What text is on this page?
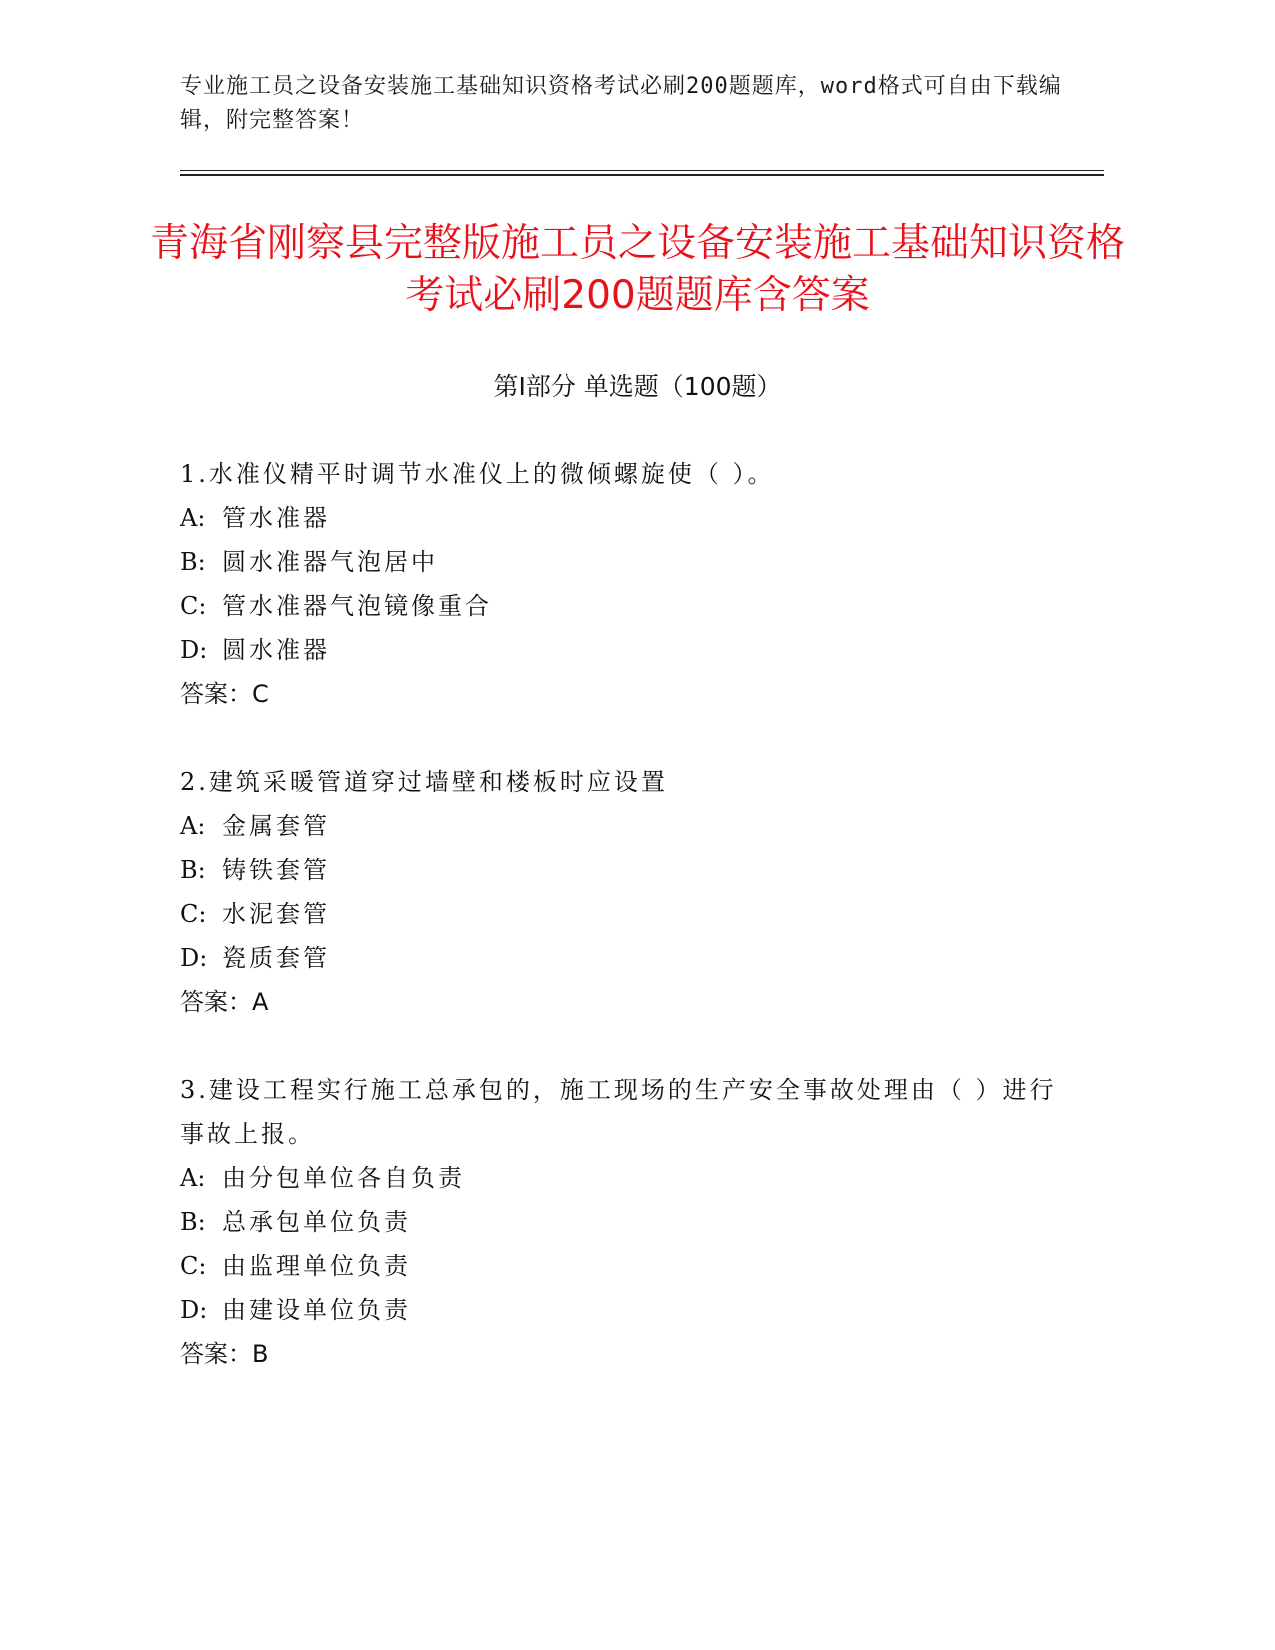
专业施工员之设备安装施工基础知识资格考试必刷200题题库，word格式可自由下载编辑，附完整答案！
青海省刚察县完整版施工员之设备安装施工基础知识资格考试必刷200题题库含答案
第Ⅰ部分 单选题（100题）
1.水准仪精平时调节水准仪上的微倾螺旋使（ ）。
A: 管水准器
B: 圆水准器气泡居中
C: 管水准器气泡镜像重合
D: 圆水准器
答案：C
2.建筑采暖管道穿过墙壁和楼板时应设置
A: 金属套管
B: 铸铁套管
C: 水泥套管
D: 瓷质套管
答案：A
3.建设工程实行施工总承包的，施工现场的生产安全事故处理由（ ）进行事故上报。
A: 由分包单位各自负责
B: 总承包单位负责
C: 由监理单位负责
D: 由建设单位负责
答案：B
